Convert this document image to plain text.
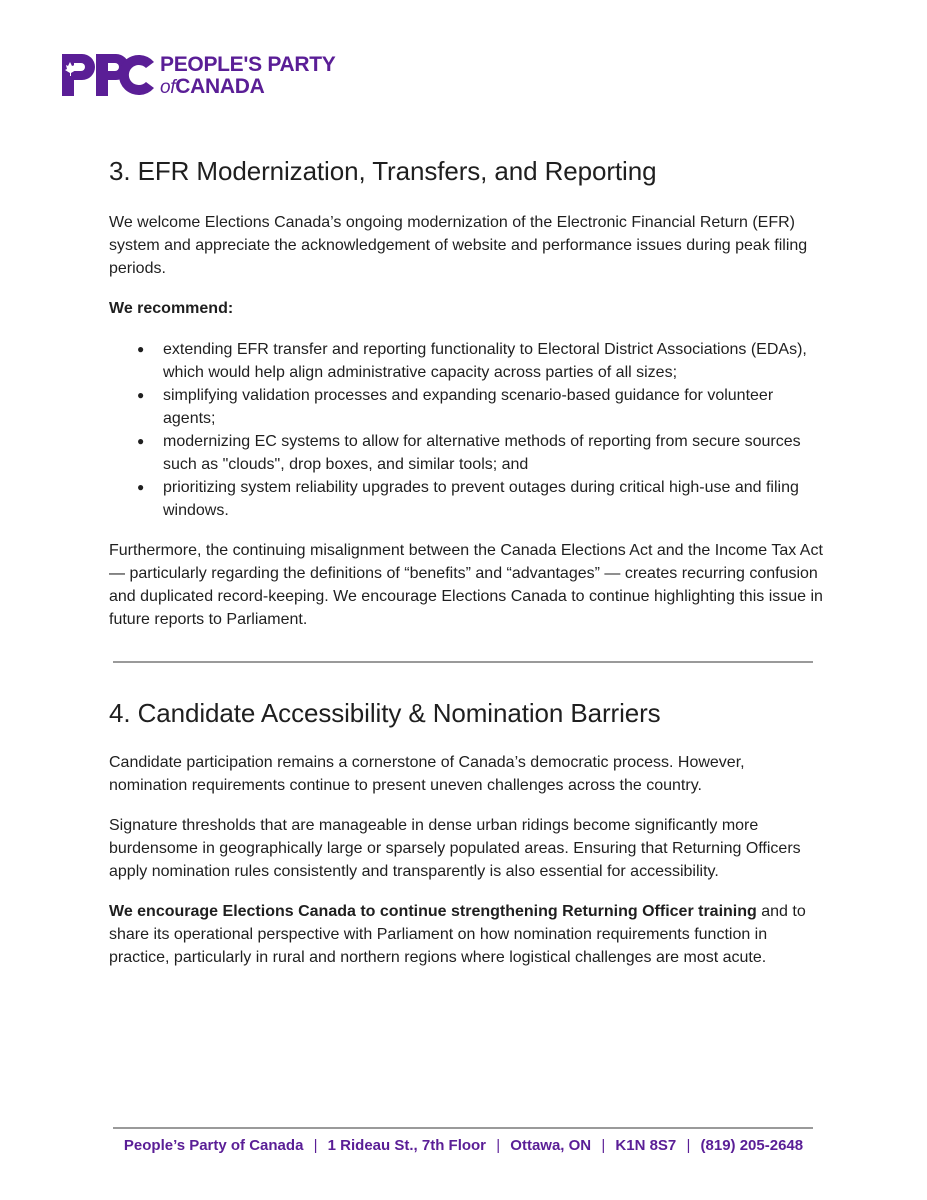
PEOPLE'S PARTY
ofCANADA
3. EFR Modernization, Transfers, and Reporting

We welcome Elections Canada’s ongoing modernization of the Electronic Financial Return (EFR) system and appreciate the acknowledgement of website and performance issues during peak filing periods.

We recommend:

● extending EFR transfer and reporting functionality to Electoral District Associations (EDAs), which would help align administrative capacity across parties of all sizes;
● simplifying validation processes and expanding scenario-based guidance for volunteer agents;
● modernizing EC systems to allow for alternative methods of reporting from secure sources such as "clouds", drop boxes, and similar tools; and
● prioritizing system reliability upgrades to prevent outages during critical high-use and filing windows.

Furthermore, the continuing misalignment between the Canada Elections Act and the Income Tax Act — particularly regarding the definitions of “benefits” and “advantages” — creates recurring confusion and duplicated record-keeping. We encourage Elections Canada to continue highlighting this issue in future reports to Parliament.

4. Candidate Accessibility & Nomination Barriers

Candidate participation remains a cornerstone of Canada’s democratic process. However, nomination requirements continue to present uneven challenges across the country.

Signature thresholds that are manageable in dense urban ridings become significantly more burdensome in geographically large or sparsely populated areas. Ensuring that Returning Officers apply nomination rules consistently and transparently is also essential for accessibility.

We encourage Elections Canada to continue strengthening Returning Officer training and to share its operational perspective with Parliament on how nomination requirements function in practice, particularly in rural and northern regions where logistical challenges are most acute.

People’s Party of Canada | 1 Rideau St., 7th Floor | Ottawa, ON | K1N 8S7 | (819) 205-2648
